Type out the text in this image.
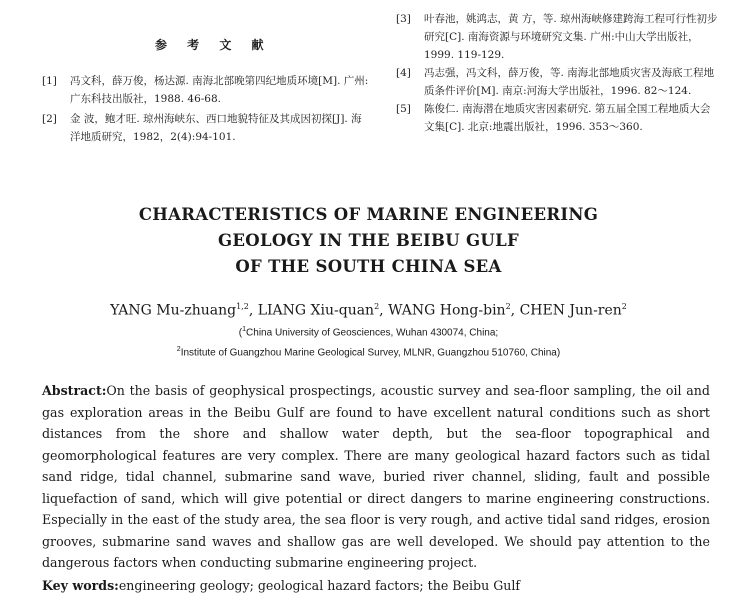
参 考 文 献
[1]	冯文科，薛万俊，杨达源. 南海北部晚第四纪地质环境[M]. 广州:广东科技出版社，1988. 46-68.
[2]	金 波，鲍才旺. 琼州海峡东、西口地貌特征及其成因初探[J]. 海洋地质研究，1982，2(4):94-101.
[3]	叶春池，姚鸿志，黄 方，等. 琼州海峡修建跨海工程可行性初步研究[C]. 南海资源与环境研究文集. 广州:中山大学出版社，1999. 119-129.
[4]	冯志强，冯文科，薛万俊，等. 南海北部地质灾害及海底工程地质条件评价[M]. 南京:河海大学出版社，1996. 82～124.
[5]	陈俊仁. 南海潜在地质灾害因素研究. 第五届全国工程地质大会文集[C]. 北京:地震出版社，1996. 353～360.
CHARACTERISTICS OF MARINE ENGINEERING
GEOLOGY IN THE BEIBU GULF
OF THE SOUTH CHINA SEA
YANG Mu-zhuang$^{1,2}$, LIANG Xiu-quan$^2$, WANG Hong-bin$^2$, CHEN Jun-ren$^2$
($^1$China University of Geosciences, Wuhan 430074, China;
$^2$Institute of Guangzhou Marine Geological Survey, MLNR, Guangzhou 510760, China)
Abstract:On the basis of geophysical prospectings, acoustic survey and sea-floor sampling, the oil and gas exploration areas in the Beibu Gulf are found to have excellent natural conditions such as short distances from the shore and shallow water depth, but the sea-floor topographical and geomorphological features are very complex. There are many geological hazard factors such as tidal sand ridge, tidal channel, submarine sand wave, buried river channel, sliding, fault and possible liquefaction of sand, which will give potential or direct dangers to marine engineering constructions. Especially in the east of the study area, the sea floor is very rough, and active tidal sand ridges, erosion grooves, submarine sand waves and shallow gas are well developed. We should pay attention to the dangerous factors when conducting submarine engineering project.
Key words:engineering geology; geological hazard factors; the Beibu Gulf
